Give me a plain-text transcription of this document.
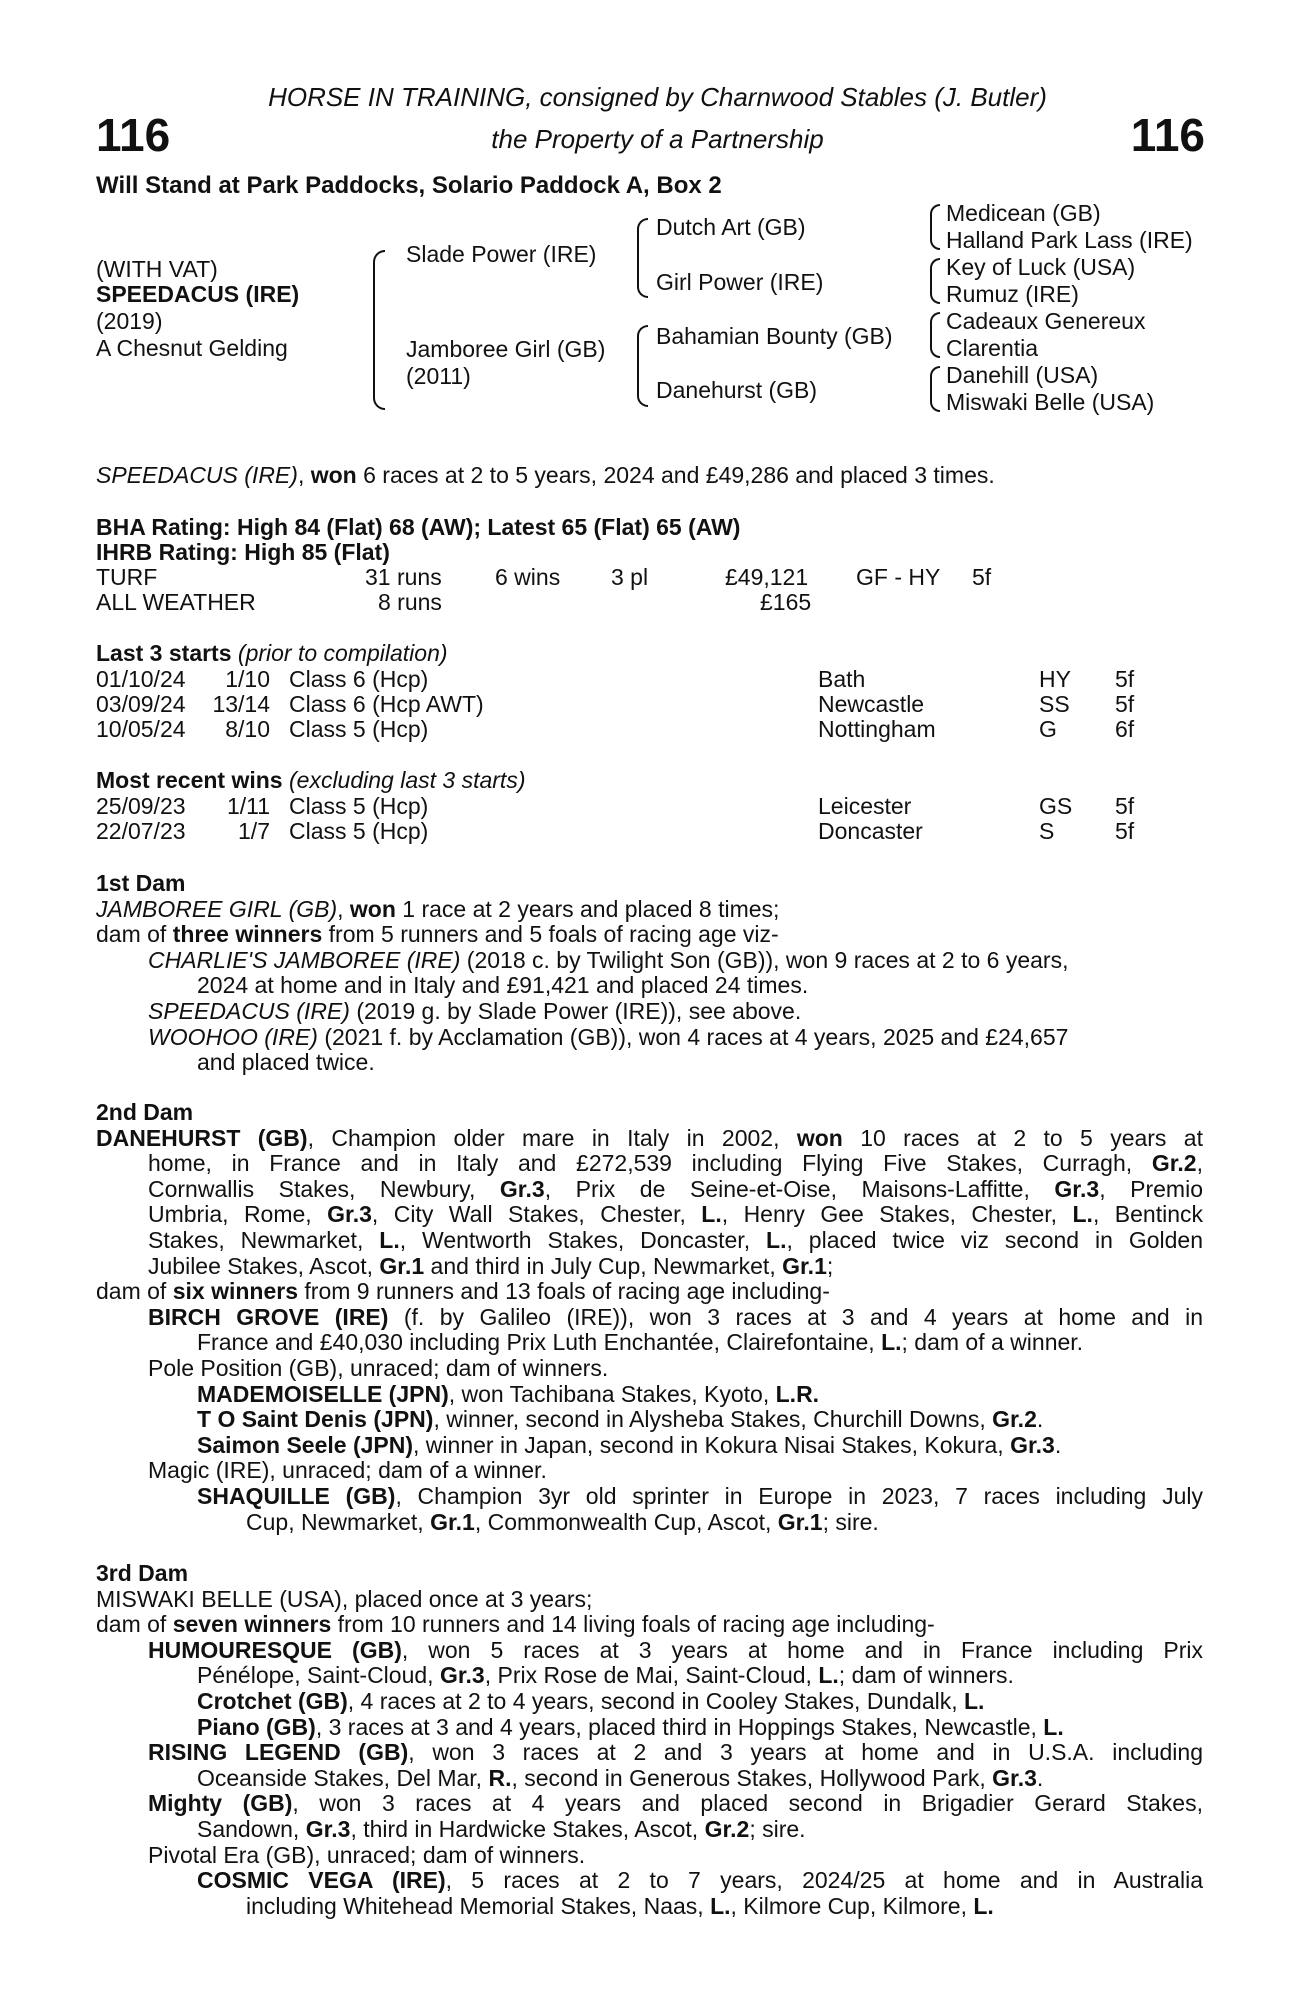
HORSE IN TRAINING, consigned by Charnwood Stables (J. Butler)
116	the Property of a Partnership	116
Will Stand at Park Paddocks, Solario Paddock A, Box 2
(WITH VAT)
SPEEDACUS (IRE)
(2019)
A Chesnut Gelding
Slade Power (IRE)
Jamboree Girl (GB)
(2011)
Dutch Art (GB)
Girl Power (IRE)
Bahamian Bounty (GB)
Danehurst (GB)
Medicean (GB)
Halland Park Lass (IRE)
Key of Luck (USA)
Rumuz (IRE)
Cadeaux Genereux
Clarentia
Danehill (USA)
Miswaki Belle (USA)
SPEEDACUS (IRE), won 6 races at 2 to 5 years, 2024 and £49,286 and placed 3 times.
BHA Rating: High 84 (Flat) 68 (AW); Latest 65 (Flat) 65 (AW)
IHRB Rating: High 85 (Flat)
TURF	31 runs 6 wins 3 pl	£49,121 GF - HY 5f
ALL WEATHER	8 runs	£165
Last 3 starts (prior to compilation)
01/10/24	1/10 Class 6 (Hcp)	Bath	HY 5f
03/09/24	13/14 Class 6 (Hcp AWT)	Newcastle	SS 5f
10/05/24	8/10 Class 5 (Hcp)	Nottingham	G	6f
Most recent wins (excluding last 3 starts)
25/09/23	1/11 Class 5 (Hcp)	Leicester	GS 5f
22/07/23	1/7 Class 5 (Hcp)	Doncaster	S	5f
1st Dam
JAMBOREE GIRL (GB), won 1 race at 2 years and placed 8 times;
dam of three winners from 5 runners and 5 foals of racing age viz-
CHARLIE'S JAMBOREE (IRE) (2018 c. by Twilight Son (GB)), won 9 races at 2 to 6 years,
2024 at home and in Italy and £91,421 and placed 24 times.
SPEEDACUS (IRE) (2019 g. by Slade Power (IRE)), see above.
WOOHOO (IRE) (2021 f. by Acclamation (GB)), won 4 races at 4 years, 2025 and £24,657
and placed twice.
2nd Dam
DANEHURST (GB), Champion older mare in Italy in 2002, won 10 races at 2 to 5 years at
home, in France and in Italy and £272,539 including Flying Five Stakes, Curragh, Gr.2,
Cornwallis Stakes, Newbury, Gr.3, Prix de Seine-et-Oise, Maisons-Laffitte, Gr.3, Premio
Umbria, Rome, Gr.3, City Wall Stakes, Chester, L., Henry Gee Stakes, Chester, L., Bentinck
Stakes, Newmarket, L., Wentworth Stakes, Doncaster, L., placed twice viz second in Golden
Jubilee Stakes, Ascot, Gr.1 and third in July Cup, Newmarket, Gr.1;
dam of six winners from 9 runners and 13 foals of racing age including-
BIRCH GROVE (IRE) (f. by Galileo (IRE)), won 3 races at 3 and 4 years at home and in
France and £40,030 including Prix Luth Enchantée, Clairefontaine, L.; dam of a winner.
Pole Position (GB), unraced; dam of winners.
MADEMOISELLE (JPN), won Tachibana Stakes, Kyoto, L.R.
T O Saint Denis (JPN), winner, second in Alysheba Stakes, Churchill Downs, Gr.2.
Saimon Seele (JPN), winner in Japan, second in Kokura Nisai Stakes, Kokura, Gr.3.
Magic (IRE), unraced; dam of a winner.
SHAQUILLE (GB), Champion 3yr old sprinter in Europe in 2023, 7 races including July
Cup, Newmarket, Gr.1, Commonwealth Cup, Ascot, Gr.1; sire.
3rd Dam
MISWAKI BELLE (USA), placed once at 3 years;
dam of seven winners from 10 runners and 14 living foals of racing age including-
HUMOURESQUE (GB), won 5 races at 3 years at home and in France including Prix
Pénélope, Saint-Cloud, Gr.3, Prix Rose de Mai, Saint-Cloud, L.; dam of winners.
Crotchet (GB), 4 races at 2 to 4 years, second in Cooley Stakes, Dundalk, L.
Piano (GB), 3 races at 3 and 4 years, placed third in Hoppings Stakes, Newcastle, L.
RISING LEGEND (GB), won 3 races at 2 and 3 years at home and in U.S.A. including
Oceanside Stakes, Del Mar, R., second in Generous Stakes, Hollywood Park, Gr.3.
Mighty (GB), won 3 races at 4 years and placed second in Brigadier Gerard Stakes,
Sandown, Gr.3, third in Hardwicke Stakes, Ascot, Gr.2; sire.
Pivotal Era (GB), unraced; dam of winners.
COSMIC VEGA (IRE), 5 races at 2 to 7 years, 2024/25 at home and in Australia
including Whitehead Memorial Stakes, Naas, L., Kilmore Cup, Kilmore, L.
